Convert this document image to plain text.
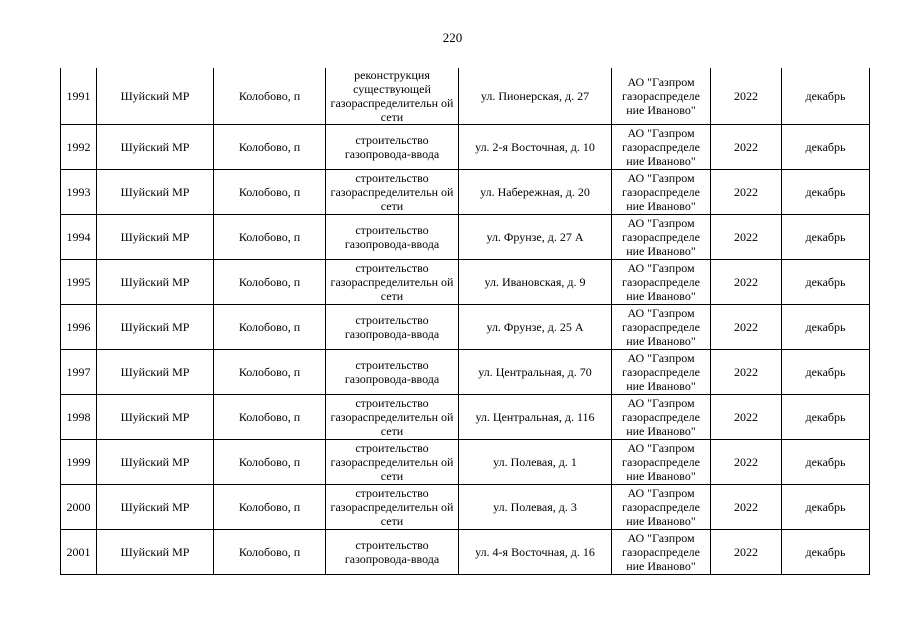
220
1991	Шуйский МР	Колобово, п	реконструкция существующей газораспределительн ой сети	ул. Пионерская, д. 27	АО "Газпром газораспределе ние Иваново"	2022	декабрь
1992	Шуйский МР	Колобово, п	строительство газопровода-ввода	ул. 2-я Восточная, д. 10	АО "Газпром газораспределе ние Иваново"	2022	декабрь
1993	Шуйский МР	Колобово, п	строительство газораспределительн ой сети	ул. Набережная, д. 20	АО "Газпром газораспределе ние Иваново"	2022	декабрь
1994	Шуйский МР	Колобово, п	строительство газопровода-ввода	ул. Фрунзе, д. 27 А	АО "Газпром газораспределе ние Иваново"	2022	декабрь
1995	Шуйский МР	Колобово, п	строительство газораспределительн ой сети	ул. Ивановская, д. 9	АО "Газпром газораспределе ние Иваново"	2022	декабрь
1996	Шуйский МР	Колобово, п	строительство газопровода-ввода	ул. Фрунзе, д. 25 А	АО "Газпром газораспределе ние Иваново"	2022	декабрь
1997	Шуйский МР	Колобово, п	строительство газопровода-ввода	ул. Центральная, д. 70	АО "Газпром газораспределе ние Иваново"	2022	декабрь
1998	Шуйский МР	Колобово, п	строительство газораспределительн ой сети	ул. Центральная, д. 116	АО "Газпром газораспределе ние Иваново"	2022	декабрь
1999	Шуйский МР	Колобово, п	строительство газораспределительн ой сети	ул. Полевая, д. 1	АО "Газпром газораспределе ние Иваново"	2022	декабрь
2000	Шуйский МР	Колобово, п	строительство газораспределительн ой сети	ул. Полевая, д. 3	АО "Газпром газораспределе ние Иваново"	2022	декабрь
2001	Шуйский МР	Колобово, п	строительство газопровода-ввода	ул. 4-я Восточная, д. 16	АО "Газпром газораспределе ние Иваново"	2022	декабрь
